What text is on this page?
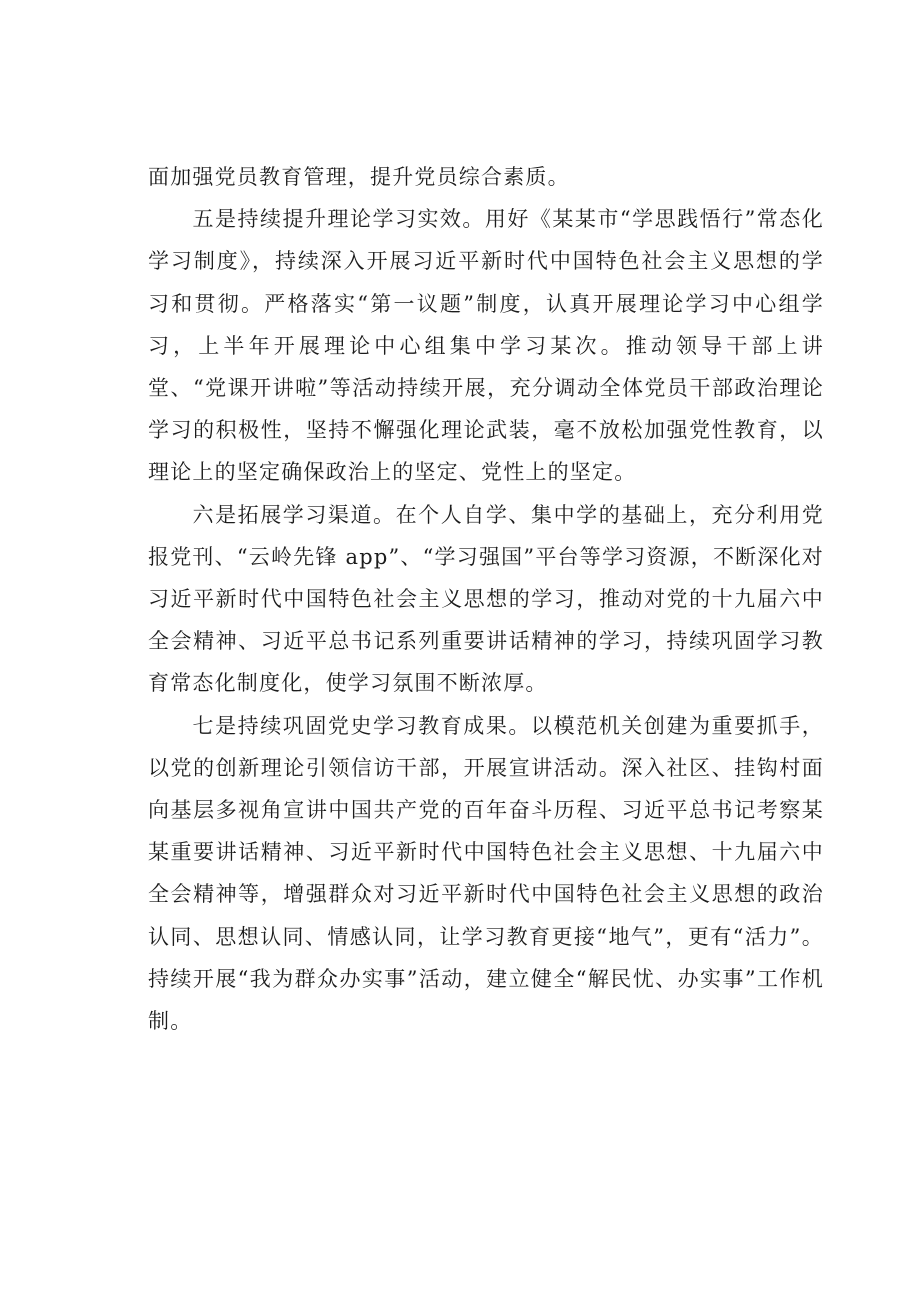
面加强党员教育管理，提升党员综合素质。

五是持续提升理论学习实效。用好《某某市“学思践悟行”常态化学习制度》，持续深入开展习近平新时代中国特色社会主义思想的学习和贯彻。严格落实“第一议题”制度，认真开展理论学习中心组学习，上半年开展理论中心组集中学习某次。推动领导干部上讲堂、“党课开讲啦”等活动持续开展，充分调动全体党员干部政治理论学习的积极性，坚持不懈强化理论武装，毫不放松加强党性教育，以理论上的坚定确保政治上的坚定、党性上的坚定。

六是拓展学习渠道。在个人自学、集中学的基础上，充分利用党报党刊、“云岭先锋 app”、“学习强国”平台等学习资源，不断深化对习近平新时代中国特色社会主义思想的学习，推动对党的十九届六中全会精神、习近平总书记系列重要讲话精神的学习，持续巩固学习教育常态化制度化，使学习氛围不断浓厚。

七是持续巩固党史学习教育成果。以模范机关创建为重要抓手，以党的创新理论引领信访干部，开展宣讲活动。深入社区、挂钩村面向基层多视角宣讲中国共产党的百年奋斗历程、习近平总书记考察某某重要讲话精神、习近平新时代中国特色社会主义思想、十九届六中全会精神等，增强群众对习近平新时代中国特色社会主义思想的政治认同、思想认同、情感认同，让学习教育更接“地气”，更有“活力”。持续开展“我为群众办实事”活动，建立健全“解民忧、办实事”工作机制。
